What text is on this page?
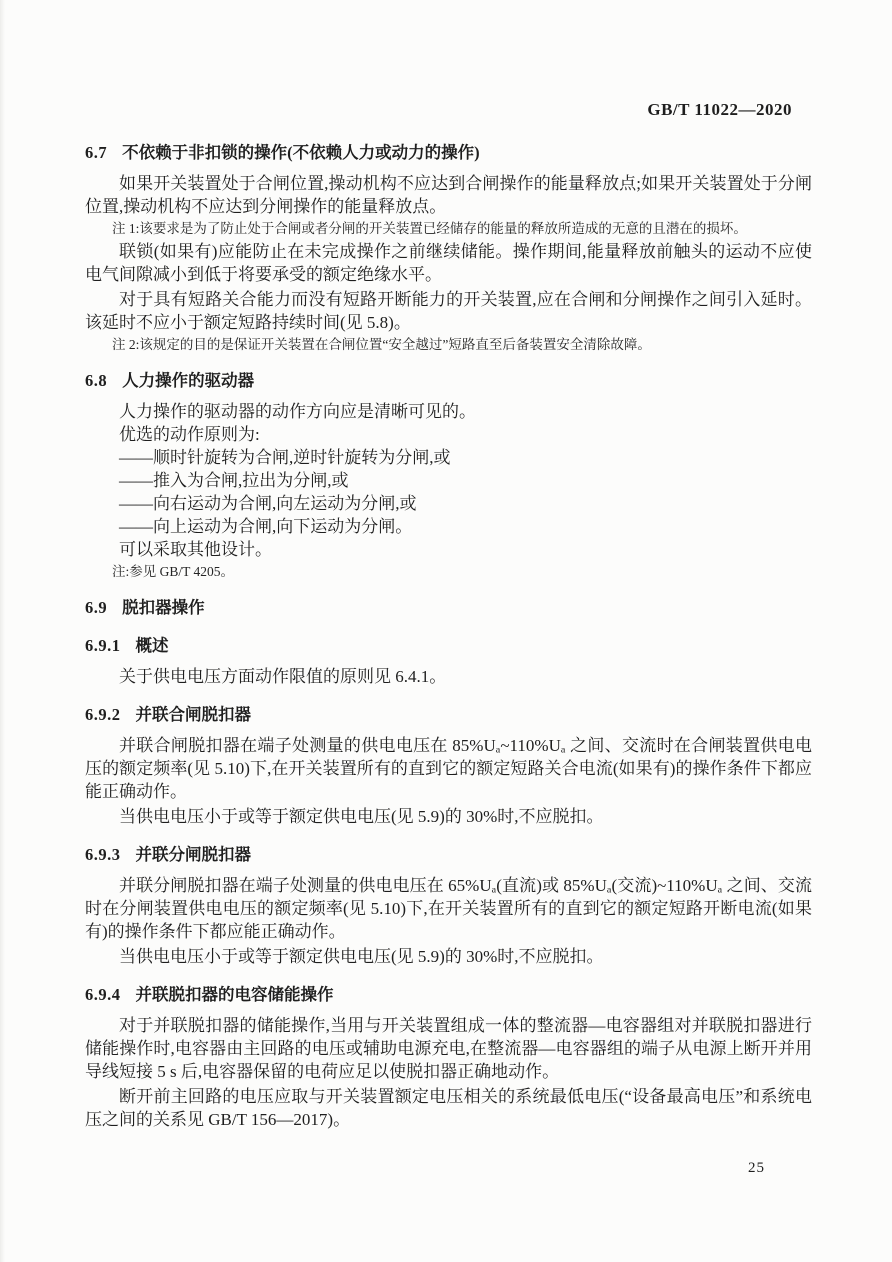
GB/T 11022—2020
6.7 不依赖于非扣锁的操作(不依赖人力或动力的操作)
如果开关装置处于合闸位置,操动机构不应达到合闸操作的能量释放点;如果开关装置处于分闸位置,操动机构不应达到分闸操作的能量释放点。
注 1:该要求是为了防止处于合闸或者分闸的开关装置已经储存的能量的释放所造成的无意的且潜在的损坏。
联锁(如果有)应能防止在未完成操作之前继续储能。操作期间,能量释放前触头的运动不应使电气间隙减小到低于将要承受的额定绝缘水平。
对于具有短路关合能力而没有短路开断能力的开关装置,应在合闸和分闸操作之间引入延时。该延时不应小于额定短路持续时间(见 5.8)。
注 2:该规定的目的是保证开关装置在合闸位置“安全越过”短路直至后备装置安全清除故障。
6.8 人力操作的驱动器
人力操作的驱动器的动作方向应是清晰可见的。
优选的动作原则为:
——顺时针旋转为合闸,逆时针旋转为分闸,或
——推入为合闸,拉出为分闸,或
——向右运动为合闸,向左运动为分闸,或
——向上运动为合闸,向下运动为分闸。
可以采取其他设计。
注:参见 GB/T 4205。
6.9 脱扣器操作
6.9.1 概述
关于供电电压方面动作限值的原则见 6.4.1。
6.9.2 并联合闸脱扣器
并联合闸脱扣器在端子处测量的供电电压在 85%Uₐ~110%Uₐ 之间、交流时在合闸装置供电电压的额定频率(见 5.10)下,在开关装置所有的直到它的额定短路关合电流(如果有)的操作条件下都应能正确动作。
当供电电压小于或等于额定供电电压(见 5.9)的 30%时,不应脱扣。
6.9.3 并联分闸脱扣器
并联分闸脱扣器在端子处测量的供电电压在 65%Uₐ(直流)或 85%Uₐ(交流)~110%Uₐ 之间、交流时在分闸装置供电电压的额定频率(见 5.10)下,在开关装置所有的直到它的额定短路开断电流(如果有)的操作条件下都应能正确动作。
当供电电压小于或等于额定供电电压(见 5.9)的 30%时,不应脱扣。
6.9.4 并联脱扣器的电容储能操作
对于并联脱扣器的储能操作,当用与开关装置组成一体的整流器—电容器组对并联脱扣器进行储能操作时,电容器由主回路的电压或辅助电源充电,在整流器—电容器组的端子从电源上断开并用导线短接 5 s 后,电容器保留的电荷应足以使脱扣器正确地动作。
断开前主回路的电压应取与开关装置额定电压相关的系统最低电压(“设备最高电压”和系统电压之间的关系见 GB/T 156—2017)。
25
